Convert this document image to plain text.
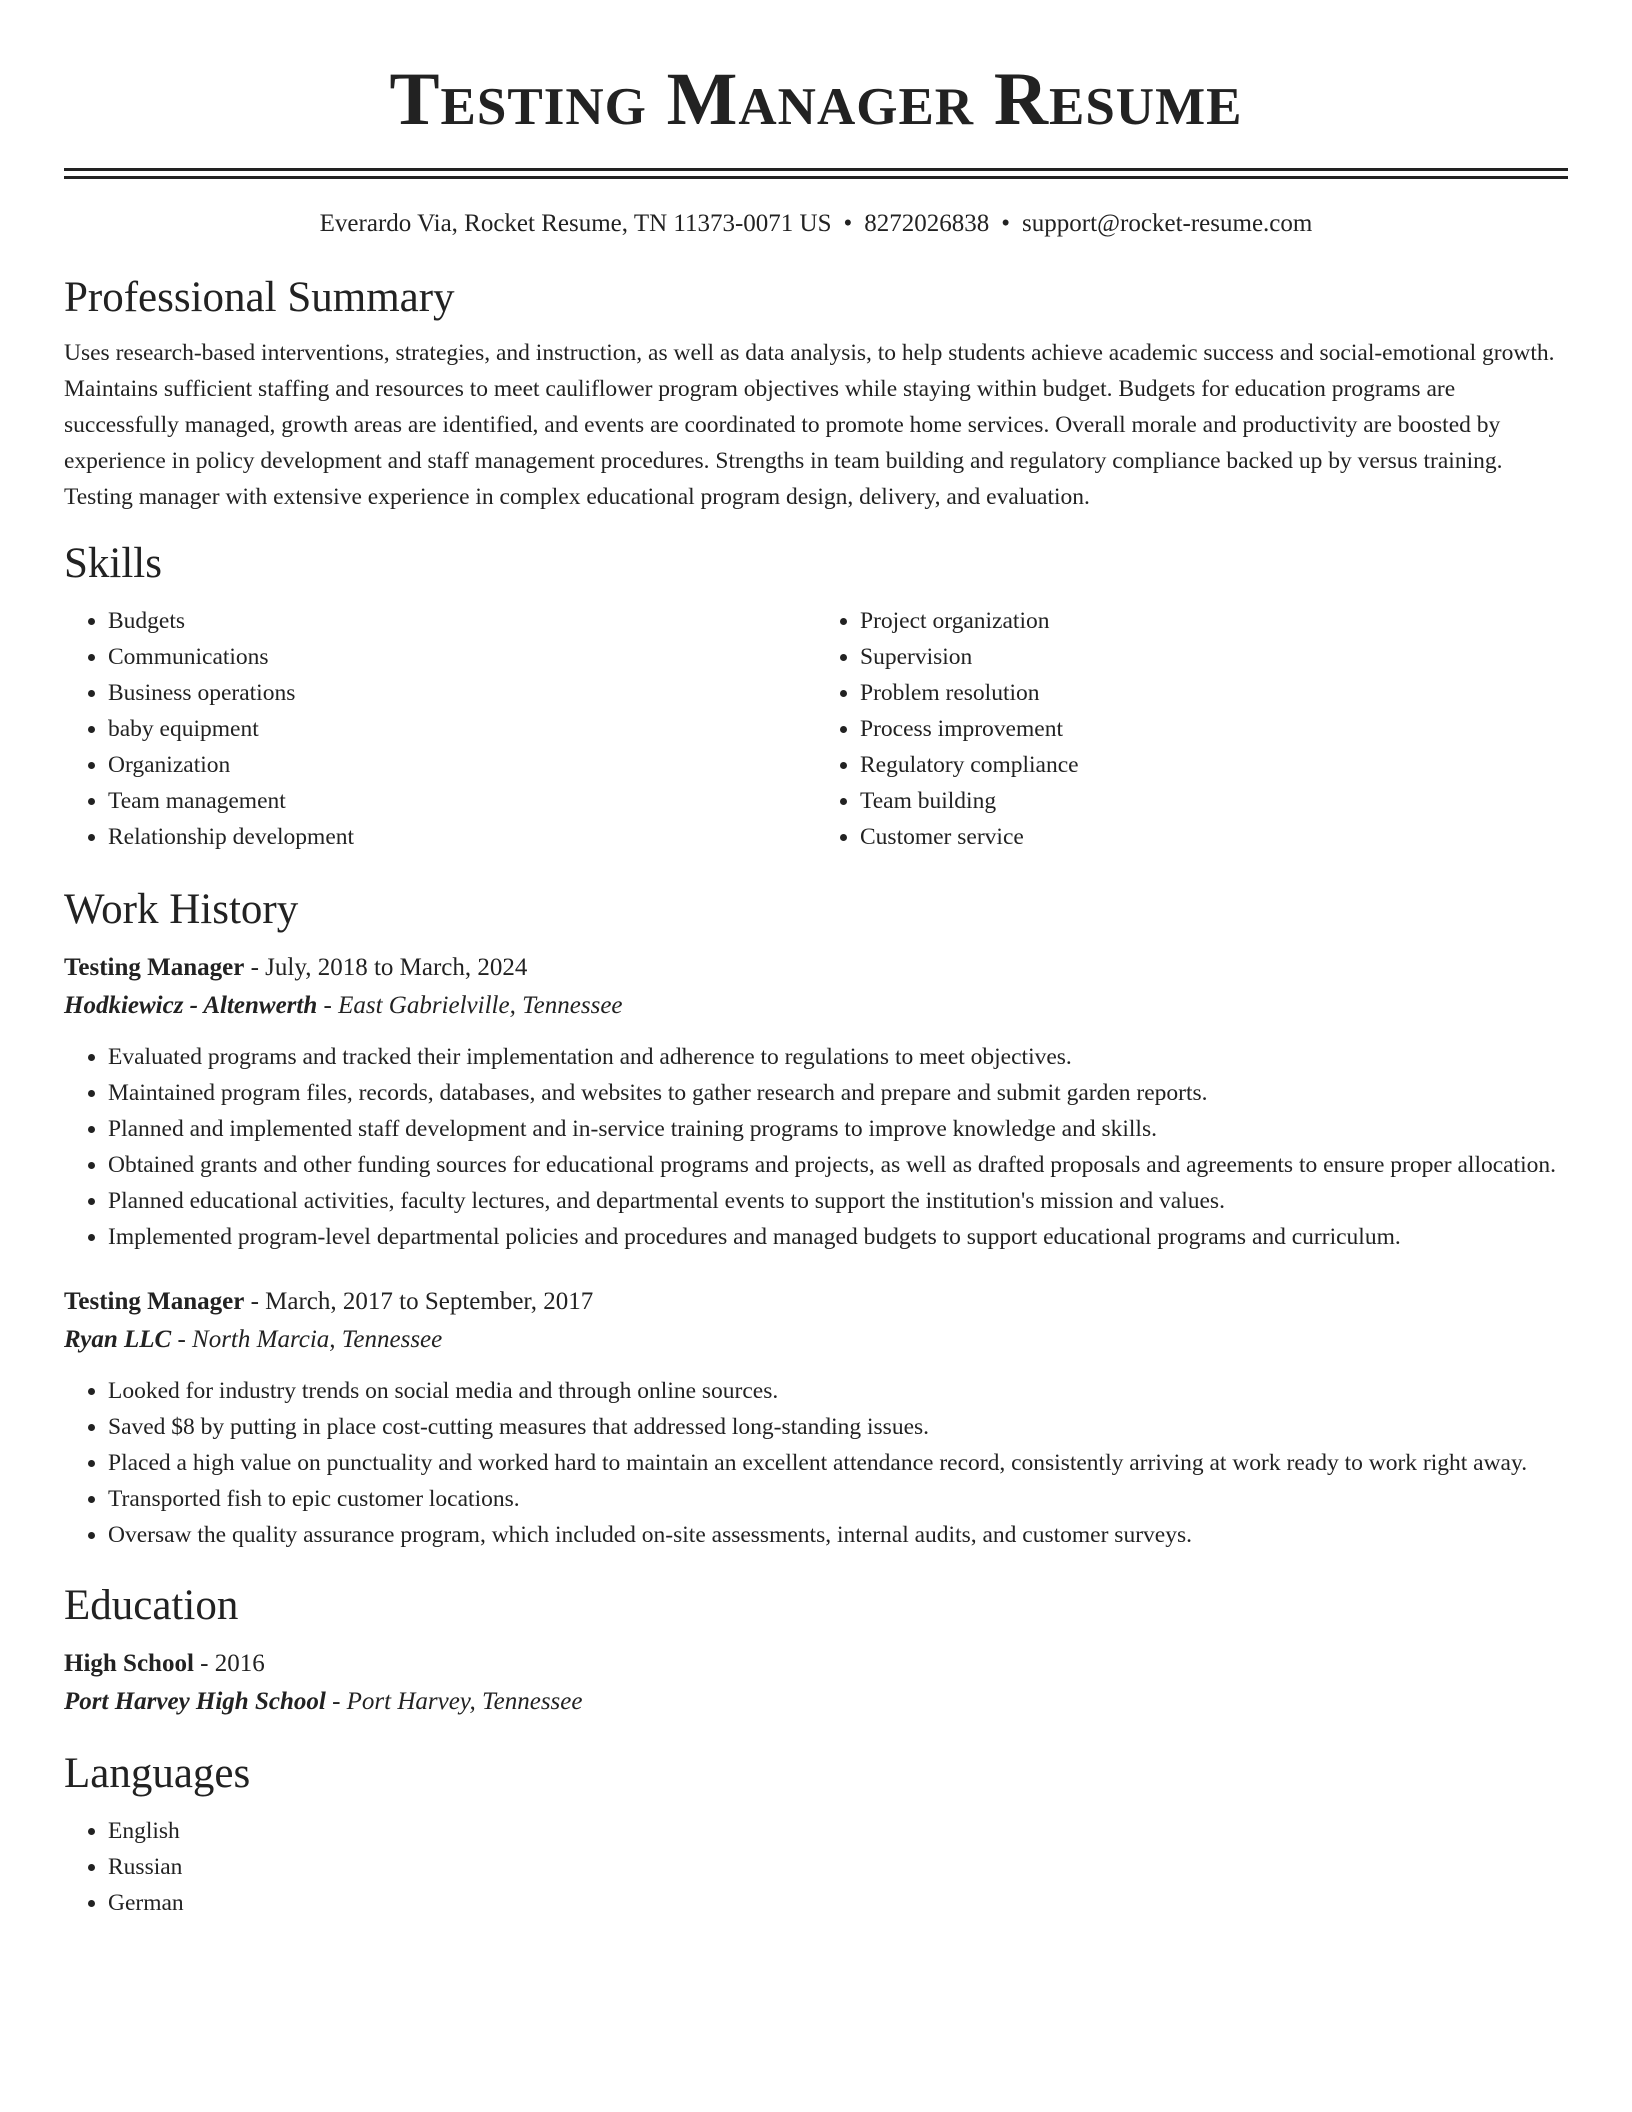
Testing Manager Resume
Everardo Via, Rocket Resume, TN 11373-0071 US • 8272026838 • support@rocket-resume.com
Professional Summary

Uses research-based interventions, strategies, and instruction, as well as data analysis, to help students achieve academic success and social-emotional growth. Maintains sufficient staffing and resources to meet cauliflower program objectives while staying within budget. Budgets for education programs are successfully managed, growth areas are identified, and events are coordinated to promote home services. Overall morale and productivity are boosted by experience in policy development and staff management procedures. Strengths in team building and regulatory compliance backed up by versus training. Testing manager with extensive experience in complex educational program design, delivery, and evaluation.

Skills
• Budgets
• Communications
• Business operations
• baby equipment
• Organization
• Team management
• Relationship development
• Project organization
• Supervision
• Problem resolution
• Process improvement
• Regulatory compliance
• Team building
• Customer service
Work History
Testing Manager - July, 2018 to March, 2024
Hodkiewicz - Altenwerth - East Gabrielville, Tennessee
• Evaluated programs and tracked their implementation and adherence to regulations to meet objectives.
• Maintained program files, records, databases, and websites to gather research and prepare and submit garden reports.
• Planned and implemented staff development and in-service training programs to improve knowledge and skills.
• Obtained grants and other funding sources for educational programs and projects, as well as drafted proposals and agreements to ensure proper allocation.
• Planned educational activities, faculty lectures, and departmental events to support the institution's mission and values.
• Implemented program-level departmental policies and procedures and managed budgets to support educational programs and curriculum.
Testing Manager - March, 2017 to September, 2017
Ryan LLC - North Marcia, Tennessee
• Looked for industry trends on social media and through online sources.
• Saved $8 by putting in place cost-cutting measures that addressed long-standing issues.
• Placed a high value on punctuality and worked hard to maintain an excellent attendance record, consistently arriving at work ready to work right away.
• Transported fish to epic customer locations.
• Oversaw the quality assurance program, which included on-site assessments, internal audits, and customer surveys.
Education
High School - 2016
Port Harvey High School - Port Harvey, Tennessee
Languages
• English
• Russian
• German
